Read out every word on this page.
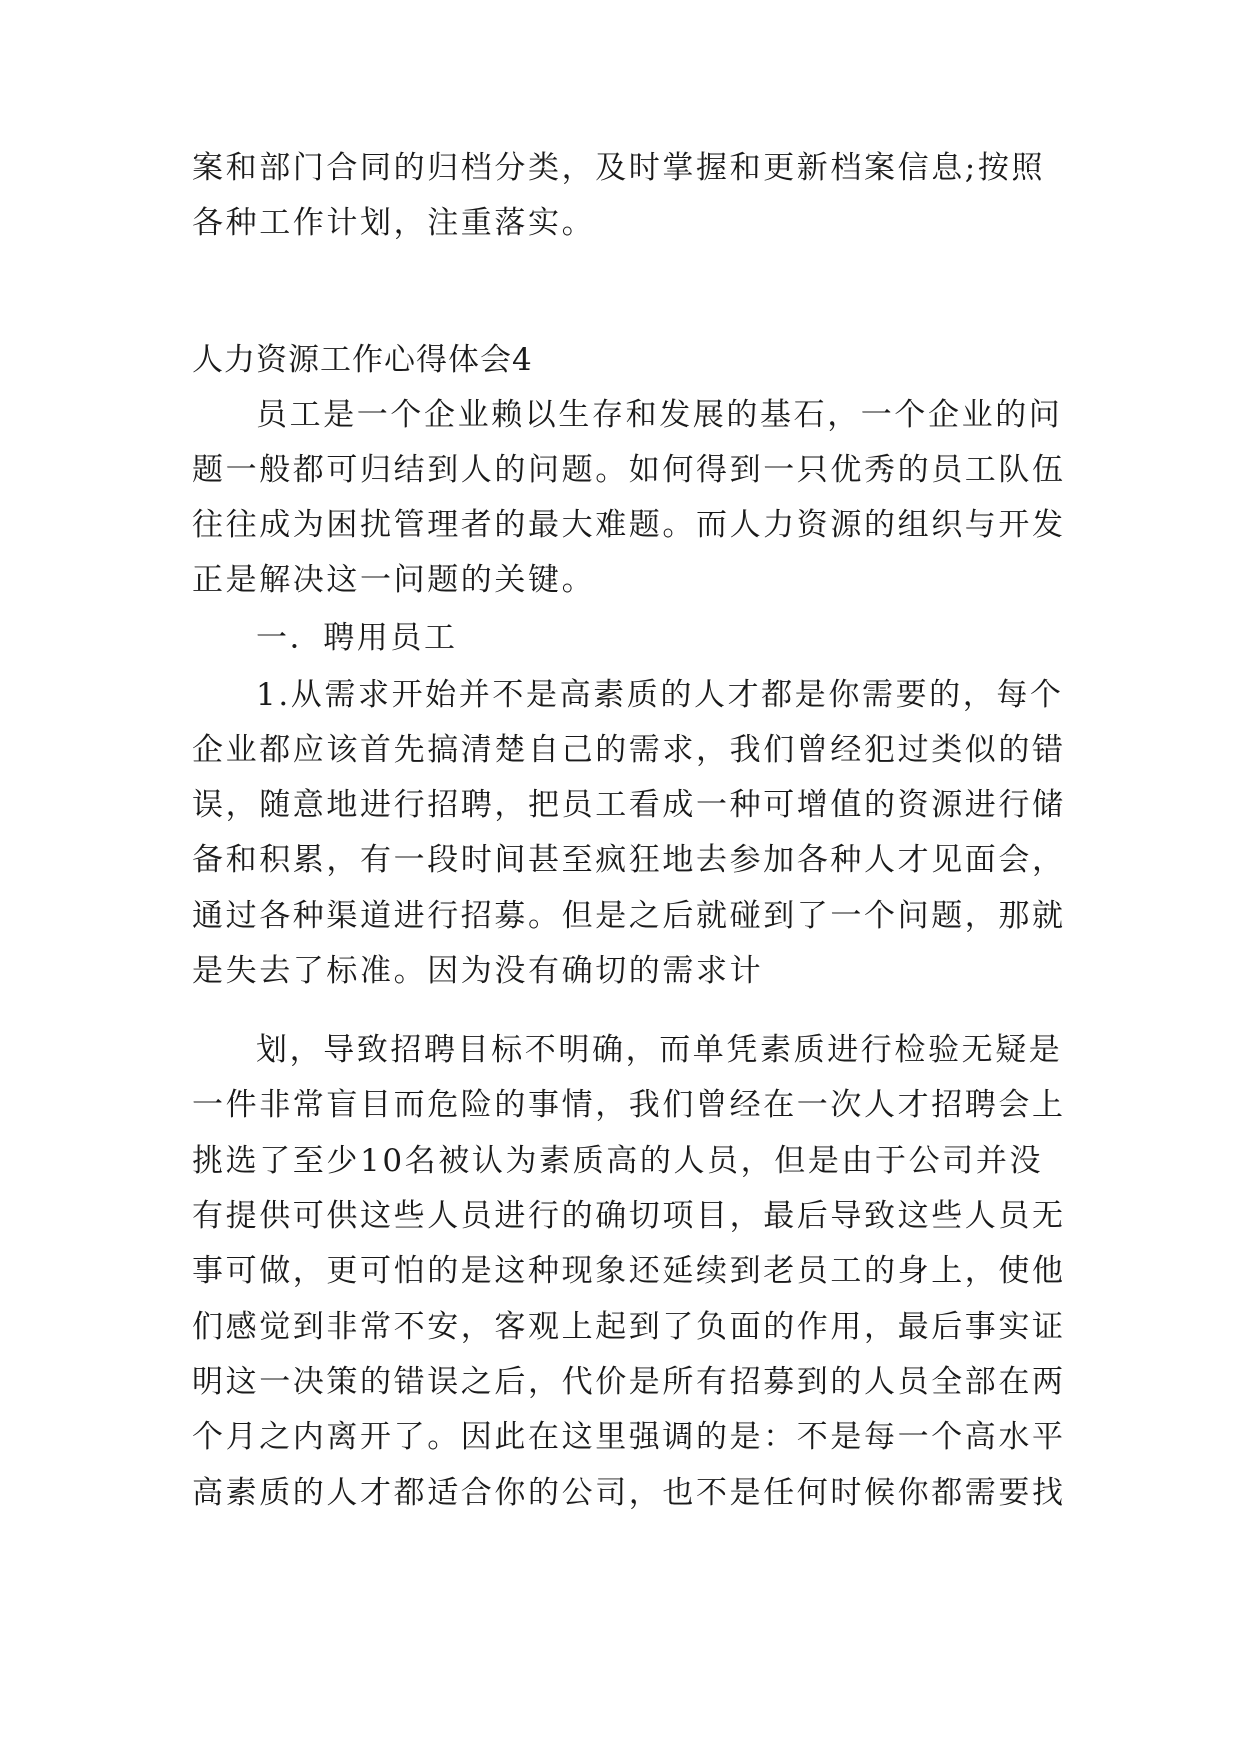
案和部门合同的归档分类，及时掌握和更新档案信息;按照

各种工作计划，注重落实。

人力资源工作心得体会4

员工是一个企业赖以生存和发展的基石，一个企业的问

题一般都可归结到人的问题。如何得到一只优秀的员工队伍

往往成为困扰管理者的最大难题。而人力资源的组织与开发

正是解决这一问题的关键。

一．聘用员工

1.从需求开始并不是高素质的人才都是你需要的，每个

企业都应该首先搞清楚自己的需求，我们曾经犯过类似的错

误，随意地进行招聘，把员工看成一种可增值的资源进行储

备和积累，有一段时间甚至疯狂地去参加各种人才见面会，

通过各种渠道进行招募。但是之后就碰到了一个问题，那就

是失去了标准。因为没有确切的需求计

划，导致招聘目标不明确，而单凭素质进行检验无疑是

一件非常盲目而危险的事情，我们曾经在一次人才招聘会上

挑选了至少10名被认为素质高的人员，但是由于公司并没

有提供可供这些人员进行的确切项目，最后导致这些人员无

事可做，更可怕的是这种现象还延续到老员工的身上，使他

们感觉到非常不安，客观上起到了负面的作用，最后事实证

明这一决策的错误之后，代价是所有招募到的人员全部在两

个月之内离开了。因此在这里强调的是：不是每一个高水平

高素质的人才都适合你的公司，也不是任何时候你都需要找
